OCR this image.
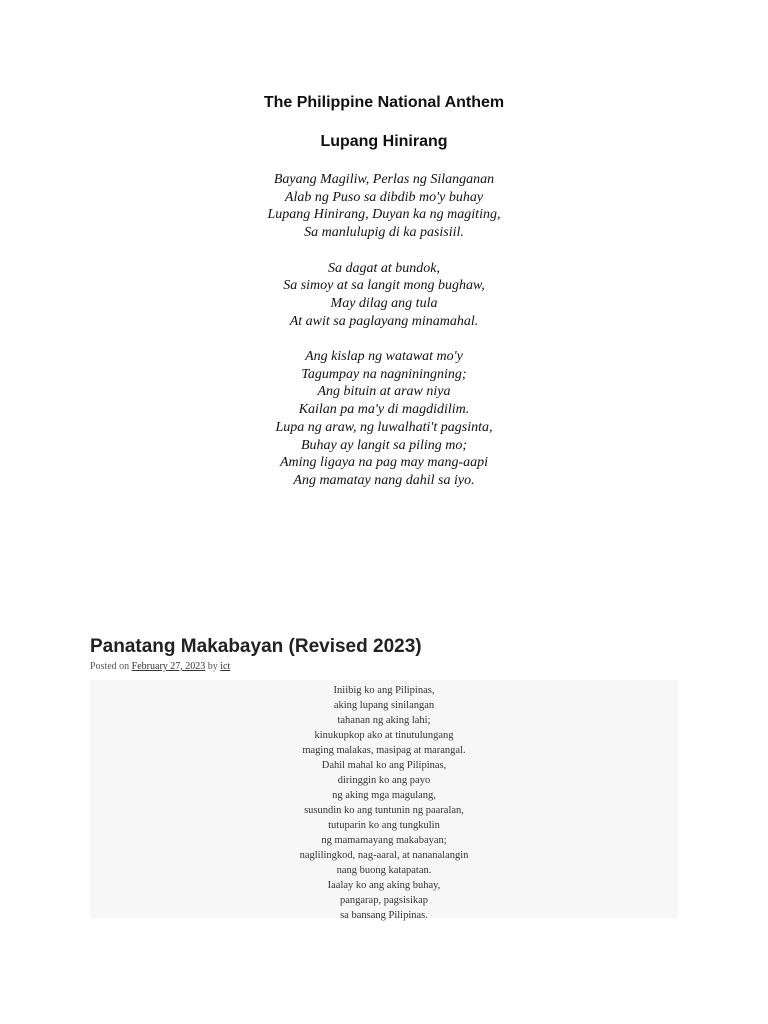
The Philippine National Anthem
Lupang Hinirang

Bayang Magiliw, Perlas ng Silanganan
Alab ng Puso sa dibdib mo'y buhay
Lupang Hinirang, Duyan ka ng magiting,
Sa manlulupig di ka pasisiil.

Sa dagat at bundok,
Sa simoy at sa langit mong bughaw,
May dilag ang tula
At awit sa paglayang minamahal.

Ang kislap ng watawat mo'y
Tagumpay na nagniningning;
Ang bituin at araw niya
Kailan pa ma'y di magdidilim.
Lupa ng araw, ng luwalhati't pagsinta,
Buhay ay langit sa piling mo;
Aming ligaya na pag may mang-aapi
Ang mamatay nang dahil sa iyo.

Panatang Makabayan (Revised 2023)
Posted on February 27, 2023 by ict
Iniibig ko ang Pilipinas,
aking lupang sinilangan
tahanan ng aking lahi;
kinukupkop ako at tinutulungang
maging malakas, masipag at marangal.
Dahil mahal ko ang Pilipinas,
diringgin ko ang payo
ng aking mga magulang,
susundin ko ang tuntunin ng paaralan,
tutuparin ko ang tungkulin
ng mamamayang makabayan;
naglilingkod, nag-aaral, at nananalangin
nang buong katapatan.
Iaalay ko ang aking buhay,
pangarap, pagsisikap
sa bansang Pilipinas.
